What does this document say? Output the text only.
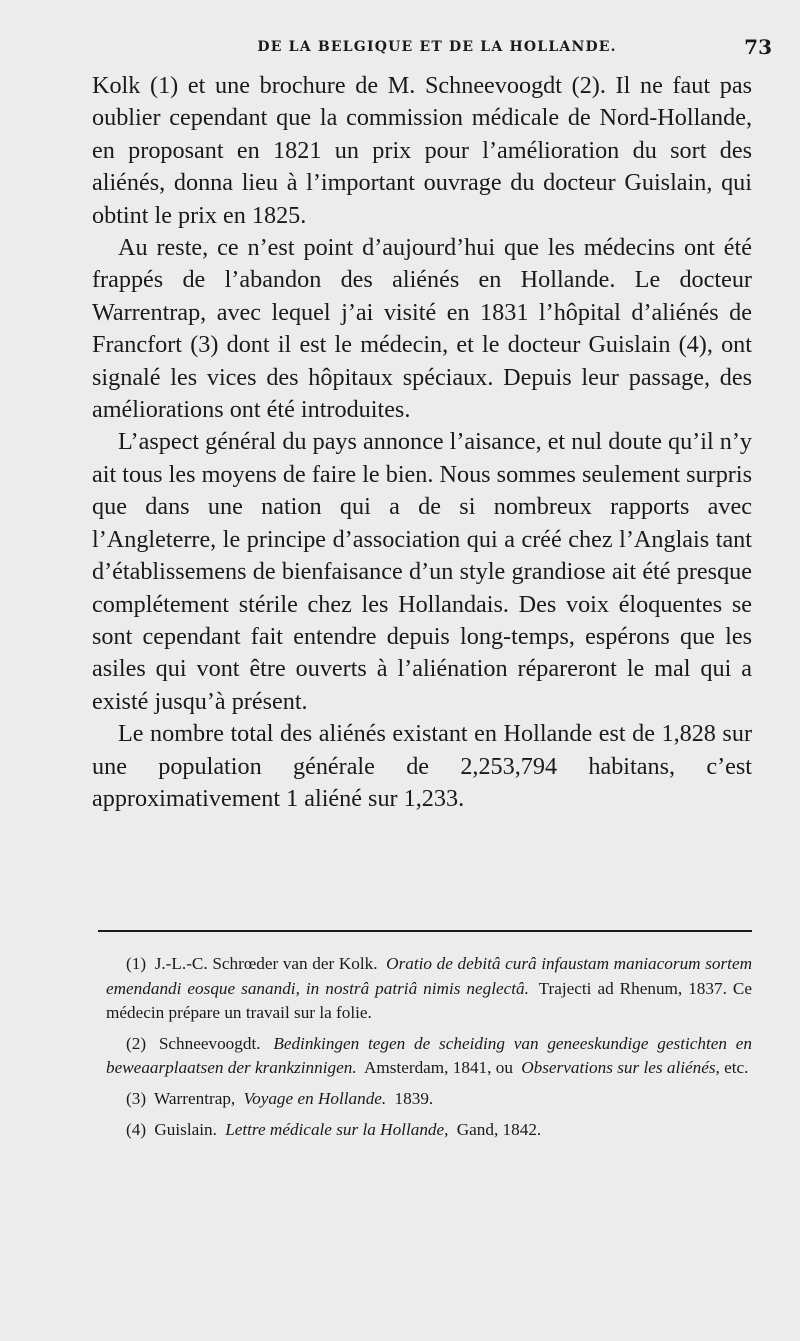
DE LA BELGIQUE ET DE LA HOLLANDE.	73

Kolk (1) et une brochure de M. Schneevoogdt (2). Il ne faut pas oublier cependant que la commission médicale de Nord-Hollande, en proposant en 1821 un prix pour l’amélioration du sort des aliénés, donna lieu à l’important ouvrage du docteur Guislain, qui obtint le prix en 1825.

Au reste, ce n’est point d’aujourd’hui que les médecins ont été frappés de l’abandon des aliénés en Hollande. Le docteur Warrentrap, avec lequel j’ai visité en 1831 l’hôpital d’aliénés de Francfort (3) dont il est le médecin, et le docteur Guislain (4), ont signalé les vices des hôpitaux spéciaux. Depuis leur passage, des améliorations ont été introduites.

L’aspect général du pays annonce l’aisance, et nul doute qu’il n’y ait tous les moyens de faire le bien. Nous sommes seulement surpris que dans une nation qui a de si nombreux rapports avec l’Angleterre, le principe d’association qui a créé chez l’Anglais tant d’établissemens de bienfaisance d’un style grandiose ait été presque complétement stérile chez les Hollandais. Des voix éloquentes se sont cependant fait entendre depuis long-temps, espérons que les asiles qui vont être ouverts à l’aliénation répareront le mal qui a existé jusqu’à présent.

Le nombre total des aliénés existant en Hollande est de 1,828 sur une population générale de 2,253,794 habitans, c’est approximativement 1 aliéné sur 1,233.

(1) J.-L.-C. Schrœder van der Kolk. Oratio de debitâ curâ infaustam maniacorum sortem emendandi eosque sanandi, in nostrâ patriâ nimis neglectâ. Trajecti ad Rhenum, 1837. Ce médecin prépare un travail sur la folie.

(2) Schneevoogdt. Bedinkingen tegen de scheiding van geneeskundige gestichten en beweaarplaatsen der krankzinnigen. Amsterdam, 1841, ou Observations sur les aliénés, etc.

(3) Warrentrap, Voyage en Hollande. 1839.

(4) Guislain. Lettre médicale sur la Hollande, Gand, 1842.
